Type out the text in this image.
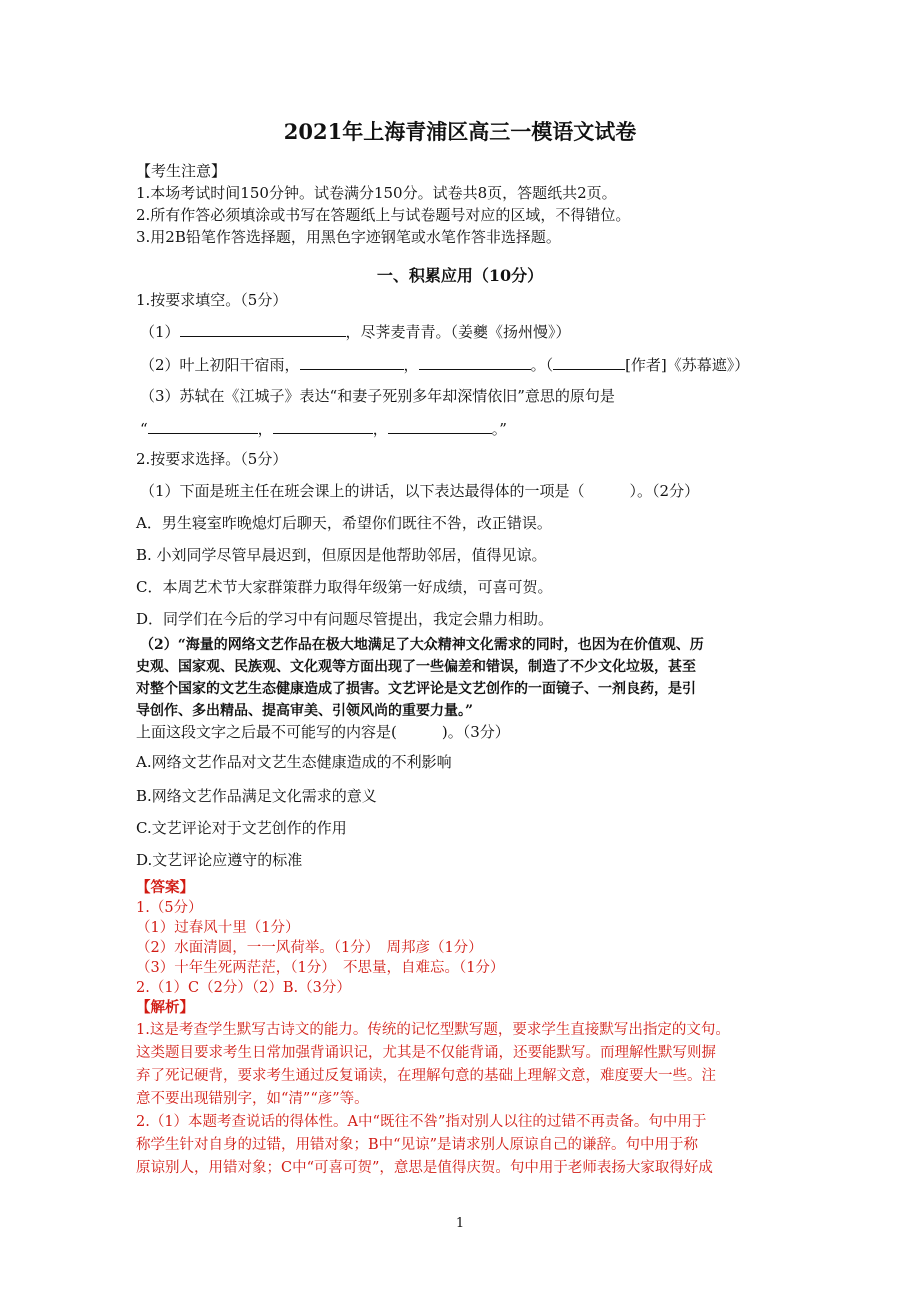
2021年上海青浦区高三一模语文试卷
【考生注意】
1.本场考试时间150分钟。试卷满分150分。试卷共8页，答题纸共2页。
2.所有作答必须填涂或书写在答题纸上与试卷题号对应的区域，不得错位。
3.用2B铅笔作答选择题，用黑色字迹钢笔或水笔作答非选择题。
一、积累应用（10分）
1.按要求填空。（5分）
（1）	，尽荠麦青青。（姜夔《扬州慢》）
（2）叶上初阳干宿雨，	，	。（	[作者]《苏幕遮》）
（3）苏轼在《江城子》表达“和妻子死别多年却深情依旧”意思的原句是
“	，	，	。”
2.按要求选择。（5分）
（1）下面是班主任在班会课上的讲话，以下表达最得体的一项是（　　　）。（2分）
A．男生寝室昨晚熄灯后聊天，希望你们既往不咎，改正错误。
B. 小刘同学尽管早晨迟到，但原因是他帮助邻居，值得见谅。
C．本周艺术节大家群策群力取得年级第一好成绩，可喜可贺。
D．同学们在今后的学习中有问题尽管提出，我定会鼎力相助。
（2）“海量的网络文艺作品在极大地满足了大众精神文化需求的同时，也因为在价值观、历
史观、国家观、民族观、文化观等方面出现了一些偏差和错误，制造了不少文化垃圾，甚至
对整个国家的文艺生态健康造成了损害。文艺评论是文艺创作的一面镜子、一剂良药，是引
导创作、多出精品、提高审美、引领风尚的重要力量。”
上面这段文字之后最不可能写的内容是(　　　)。（3分）
A.网络文艺作品对文艺生态健康造成的不利影响
B.网络文艺作品满足文化需求的意义
C.文艺评论对于文艺创作的作用
D.文艺评论应遵守的标准
【答案】
1.（5分）
（1）过春风十里（1分）
（2）水面清圆，一一风荷举。（1分）　周邦彦（1分）
（3）十年生死两茫茫，（1分）　不思量，自难忘。（1分）
2.（1）C（2分）（2）B.（3分）
【解析】
1.这是考查学生默写古诗文的能力。传统的记忆型默写题，要求学生直接默写出指定的文句。
这类题目要求考生日常加强背诵识记，尤其是不仅能背诵，还要能默写。而理解性默写则摒
弃了死记硬背，要求考生通过反复诵读，在理解句意的基础上理解文意，难度要大一些。注
意不要出现错别字，如“清”“彦”等。
2.（1）本题考查说话的得体性。A中“既往不咎”指对别人以往的过错不再责备。句中用于
称学生针对自身的过错，用错对象；B中“见谅”是请求别人原谅自己的谦辞。句中用于称
原谅别人，用错对象；C中“可喜可贺”，意思是值得庆贺。句中用于老师表扬大家取得好成
1
